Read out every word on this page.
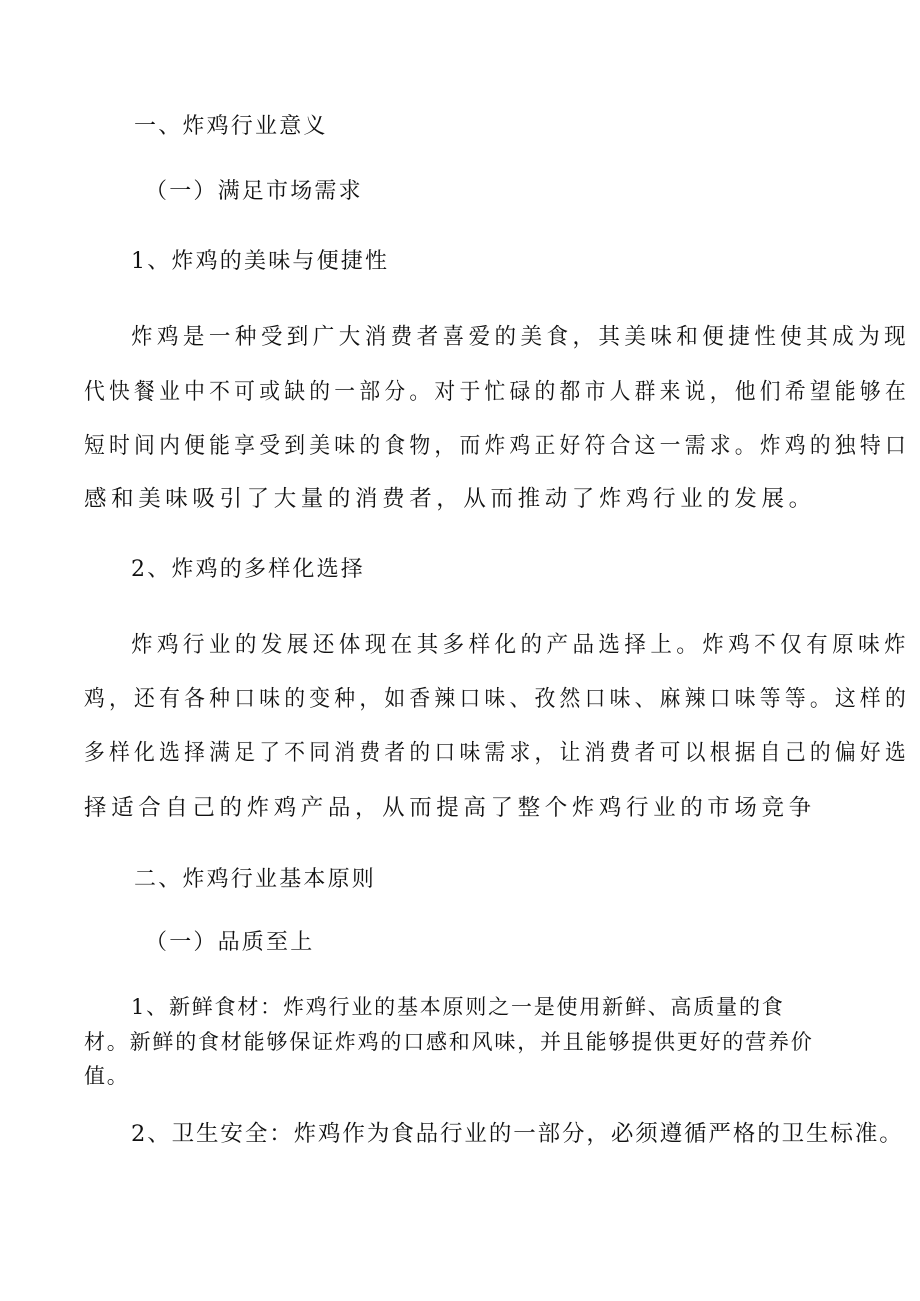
一、炸鸡行业意义
（一）满足市场需求
1、炸鸡的美味与便捷性

炸鸡是一种受到广大消费者喜爱的美食，其美味和便捷性使其成为现

代快餐业中不可或缺的一部分。对于忙碌的都市人群来说，他们希望能够在

短时间内便能享受到美味的食物，而炸鸡正好符合这一需求。炸鸡的独特口

感和美味吸引了大量的消费者，从而推动了炸鸡行业的发展。

2、炸鸡的多样化选择

炸鸡行业的发展还体现在其多样化的产品选择上。炸鸡不仅有原味炸

鸡，还有各种口味的变种，如香辣口味、孜然口味、麻辣口味等等。这样的

多样化选择满足了不同消费者的口味需求，让消费者可以根据自己的偏好选

择适合自己的炸鸡产品，从而提高了整个炸鸡行业的市场竞争

二、炸鸡行业基本原则
（一）品质至上

1、新鲜食材：炸鸡行业的基本原则之一是使用新鲜、高质量的食

材。新鲜的食材能够保证炸鸡的口感和风味，并且能够提供更好的营养价

值。

2、卫生安全：炸鸡作为食品行业的一部分，必须遵循严格的卫生标准。
